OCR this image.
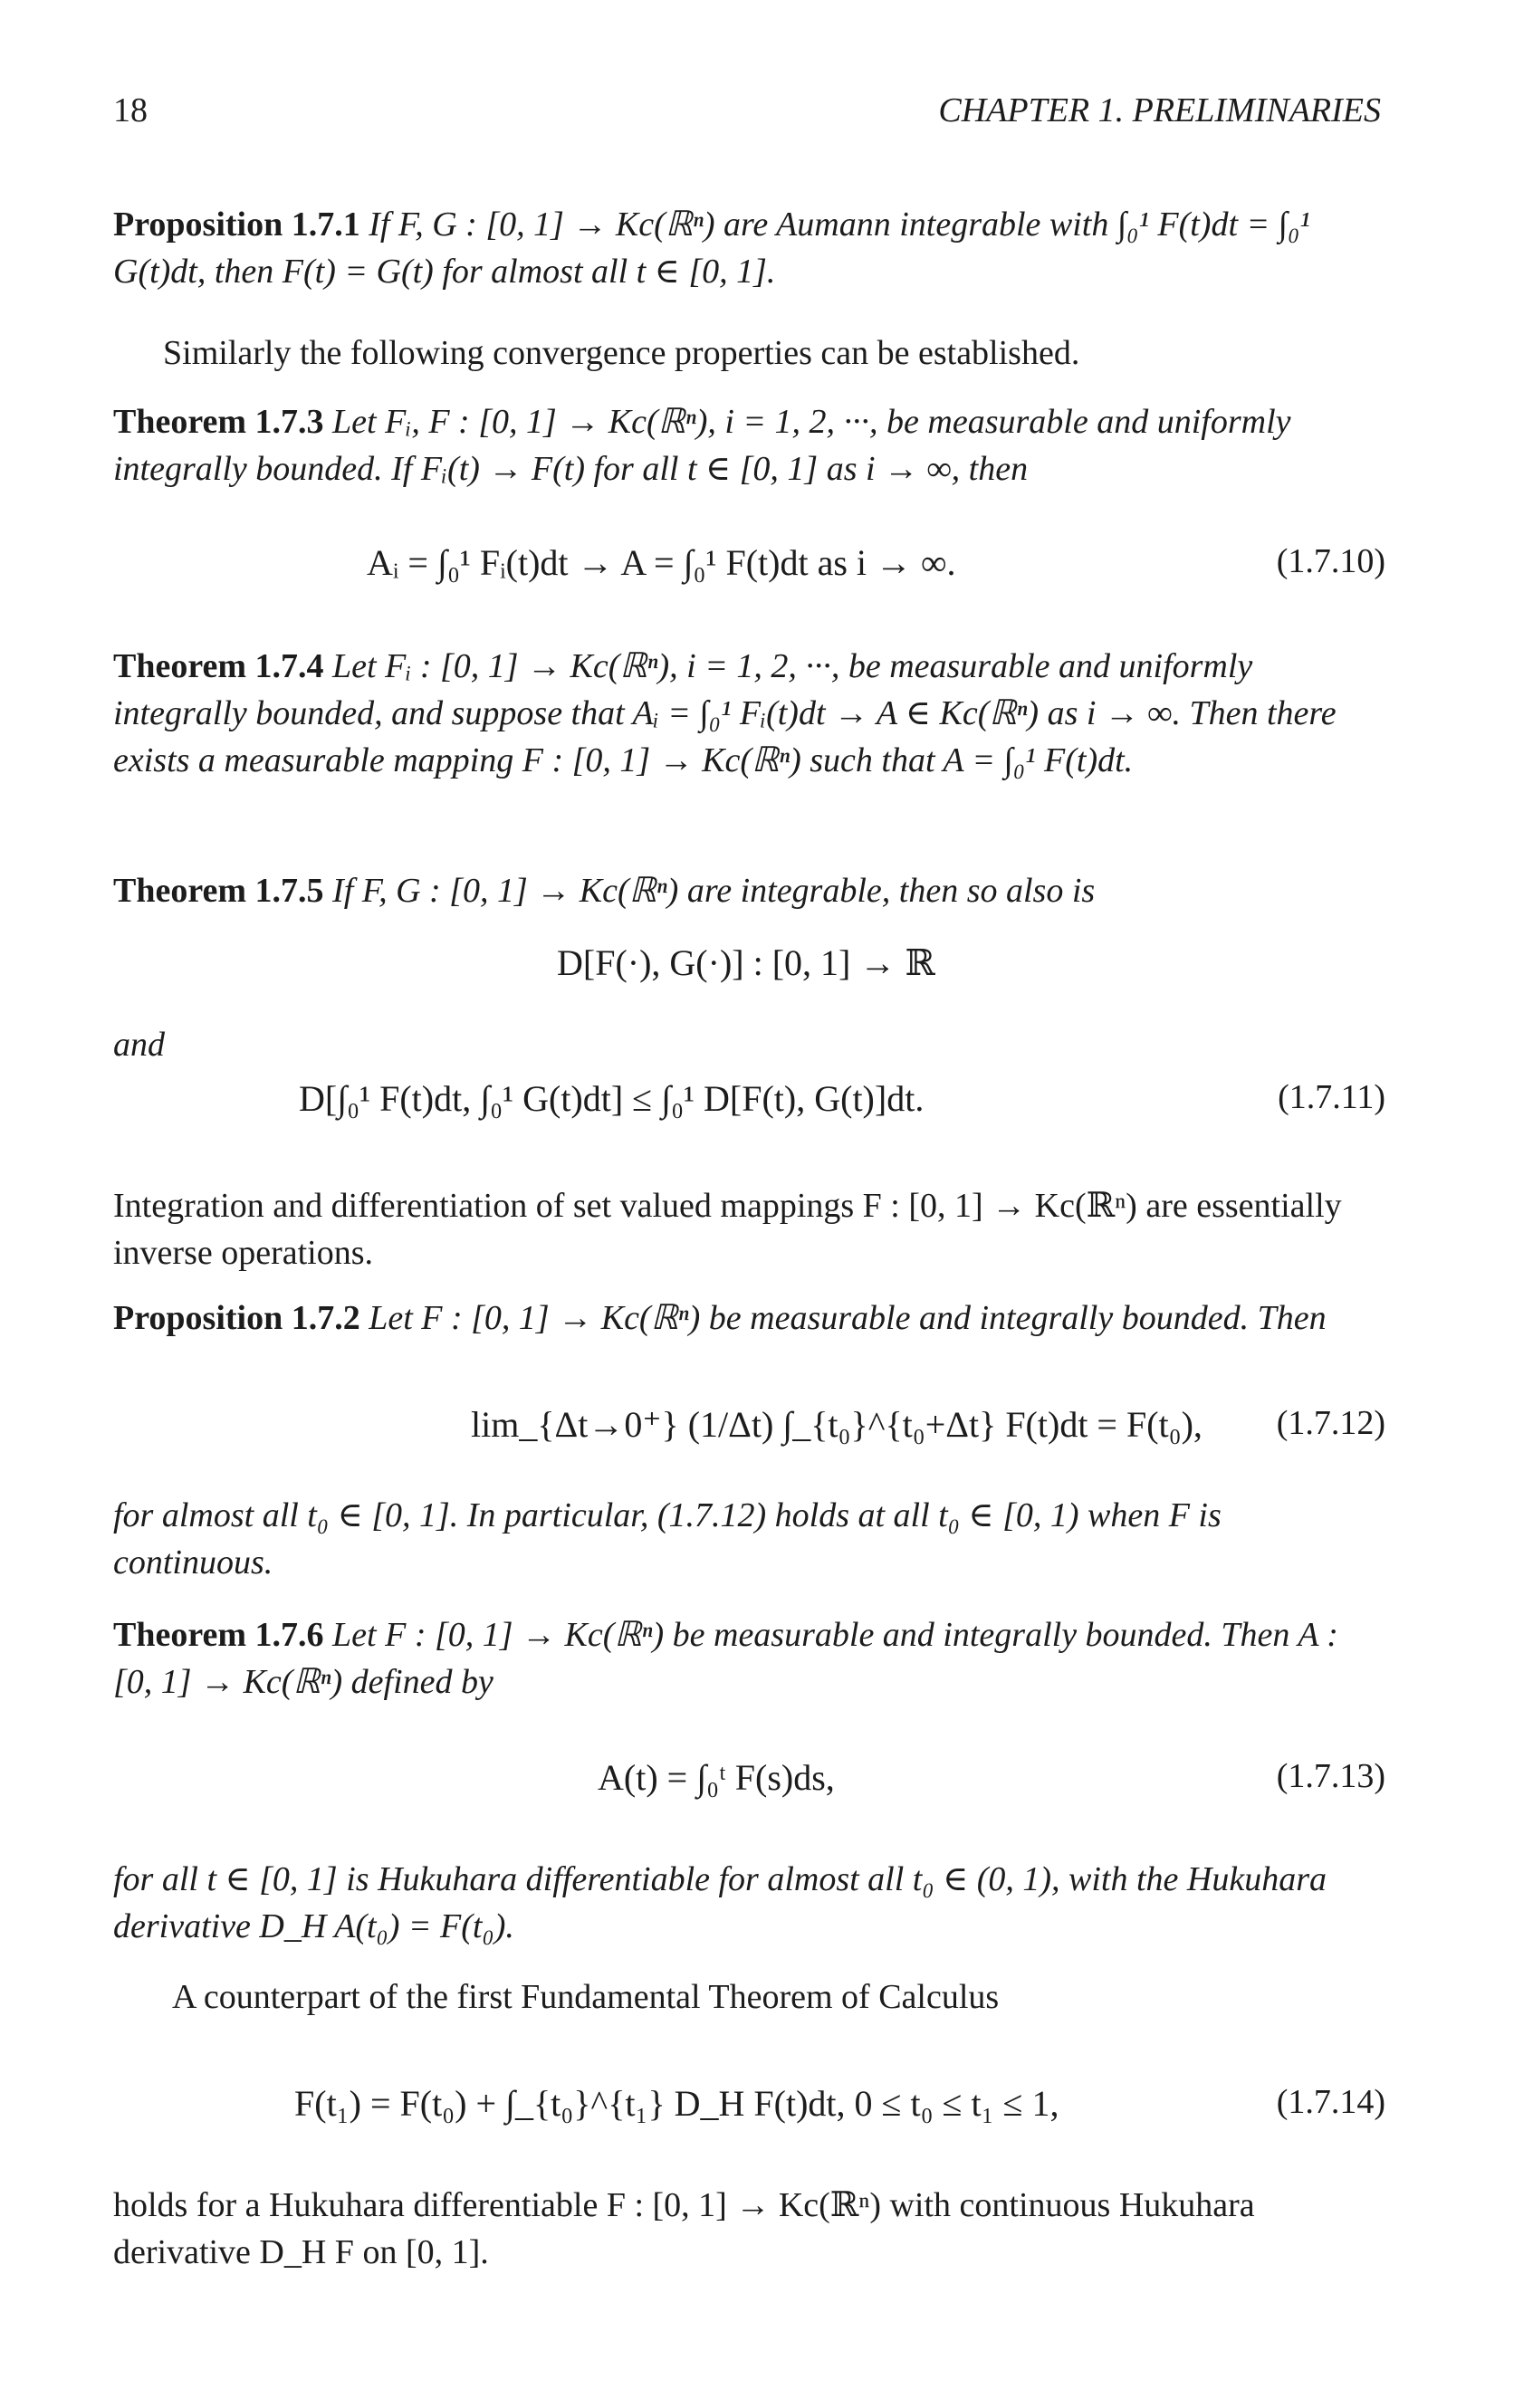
18	CHAPTER 1. PRELIMINARIES
Proposition 1.7.1 If F, G : [0, 1] → Kc(ℝⁿ) are Aumann integrable with ∫₀¹ F(t)dt = ∫₀¹ G(t)dt, then F(t) = G(t) for almost all t ∈ [0, 1].
Similarly the following convergence properties can be established.
Theorem 1.7.3 Let Fᵢ, F : [0, 1] → Kc(ℝⁿ), i = 1, 2, ···, be measurable and uniformly integrally bounded. If Fᵢ(t) → F(t) for all t ∈ [0, 1] as i → ∞, then
Aᵢ = ∫₀¹ Fᵢ(t)dt → A = ∫₀¹ F(t)dt as i → ∞.	(1.7.10)
Theorem 1.7.4 Let Fᵢ : [0, 1] → Kc(ℝⁿ), i = 1, 2, ···, be measurable and uniformly integrally bounded, and suppose that Aᵢ = ∫₀¹ Fᵢ(t)dt → A ∈ Kc(ℝⁿ) as i → ∞. Then there exists a measurable mapping F : [0, 1] → Kc(ℝⁿ) such that A = ∫₀¹ F(t)dt.
Theorem 1.7.5 If F, G : [0, 1] → Kc(ℝⁿ) are integrable, then so also is
D[F(·), G(·)] : [0, 1] → ℝ
and
D[∫₀¹ F(t)dt, ∫₀¹ G(t)dt] ≤ ∫₀¹ D[F(t), G(t)]dt.	(1.7.11)
Integration and differentiation of set valued mappings F : [0, 1] → Kc(ℝⁿ) are essentially inverse operations.
Proposition 1.7.2 Let F : [0, 1] → Kc(ℝⁿ) be measurable and integrally bounded. Then
lim_{Δt→0⁺} (1/Δt) ∫_{t₀}^{t₀+Δt} F(t)dt = F(t₀),	(1.7.12)
for almost all t₀ ∈ [0, 1]. In particular, (1.7.12) holds at all t₀ ∈ [0, 1) when F is continuous.
Theorem 1.7.6 Let F : [0, 1] → Kc(ℝⁿ) be measurable and integrally bounded. Then A : [0, 1] → Kc(ℝⁿ) defined by
A(t) = ∫₀ᵗ F(s)ds,	(1.7.13)
for all t ∈ [0, 1] is Hukuhara differentiable for almost all t₀ ∈ (0, 1), with the Hukuhara derivative D_H A(t₀) = F(t₀).
A counterpart of the first Fundamental Theorem of Calculus
F(t₁) = F(t₀) + ∫_{t₀}^{t₁} D_H F(t)dt, 0 ≤ t₀ ≤ t₁ ≤ 1,	(1.7.14)
holds for a Hukuhara differentiable F : [0, 1] → Kc(ℝⁿ) with continuous Hukuhara derivative D_H F on [0, 1].
